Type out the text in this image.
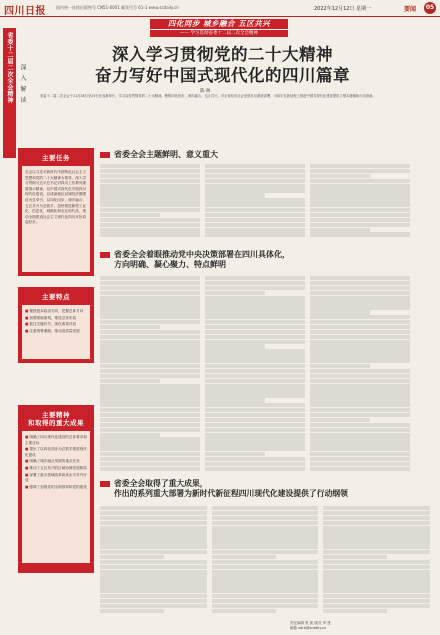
四川日报	国内统一连续出版物号 CN51-0001 邮发代号 61-1 www.scdaily.cn	2022年12月12日 星期一	要闻	05
四化同步 城乡融合 五区共兴
—— 学习贯彻省委十二届二次全会精神
省委十二届二次全会精神	深 入 解 读
深入学习贯彻党的二十大精神
奋力写好中国式现代化的四川篇章
陈 林
省委十二届二次全会于11月28日至29日在成都举行，学习宣传贯彻党的二十大精神，聚焦四化同步、城乡融合、五区共兴，对全省经济社会发展作出系统部署，为四川在新征程上推进中国式现代化建设提供了根本遵循和行动指南。
主要任务

全会以习近平新时代中国特色社会主义思想和党的二十大精神为指导，深入学习贯彻习近平总书记对四川工作系列重要指示精神，以中国式现代化引领四川现代化建设，以成渝地区双城经济圈建设为总牵引，以四化同步、城乡融合、五区共兴为总抓手，加快推进新型工业化、信息化、城镇化和农业现代化，推动全面建设社会主义现代化四川开好局起好步。

主要特点
■ 聚焦根本政治方向，把握总体方向
■ 加强系统谋划，推进总体布局
■ 抓住关键环节，深化改革开放
■ 注重统筹兼顾，推动高质量发展
主要精神
和取得的重大成果
■ 明确了四川现代化建设的总体要求和主要目标
■ 提出了以四化同步为总抓手推进现代化建设
■ 明确了城乡融合发展的重点任务
■ 推动了五区共兴的区域协调发展格局
■ 部署了重点领域改革和高水平对外开放
■ 强调了加强党的全面领导和党的建设
省委全会主题鲜明、意义重大
省委全会着眼推动党中央决策部署在四川具体化，
方向明确、凝心聚力、特点鲜明
省委全会取得了重大成果，
作出的系列重大部署为新时代新征程四川现代化建设提供了行动纲领
责任编辑 张 凯 版式 李 建
邮箱 sdrb@scdaily.cn
